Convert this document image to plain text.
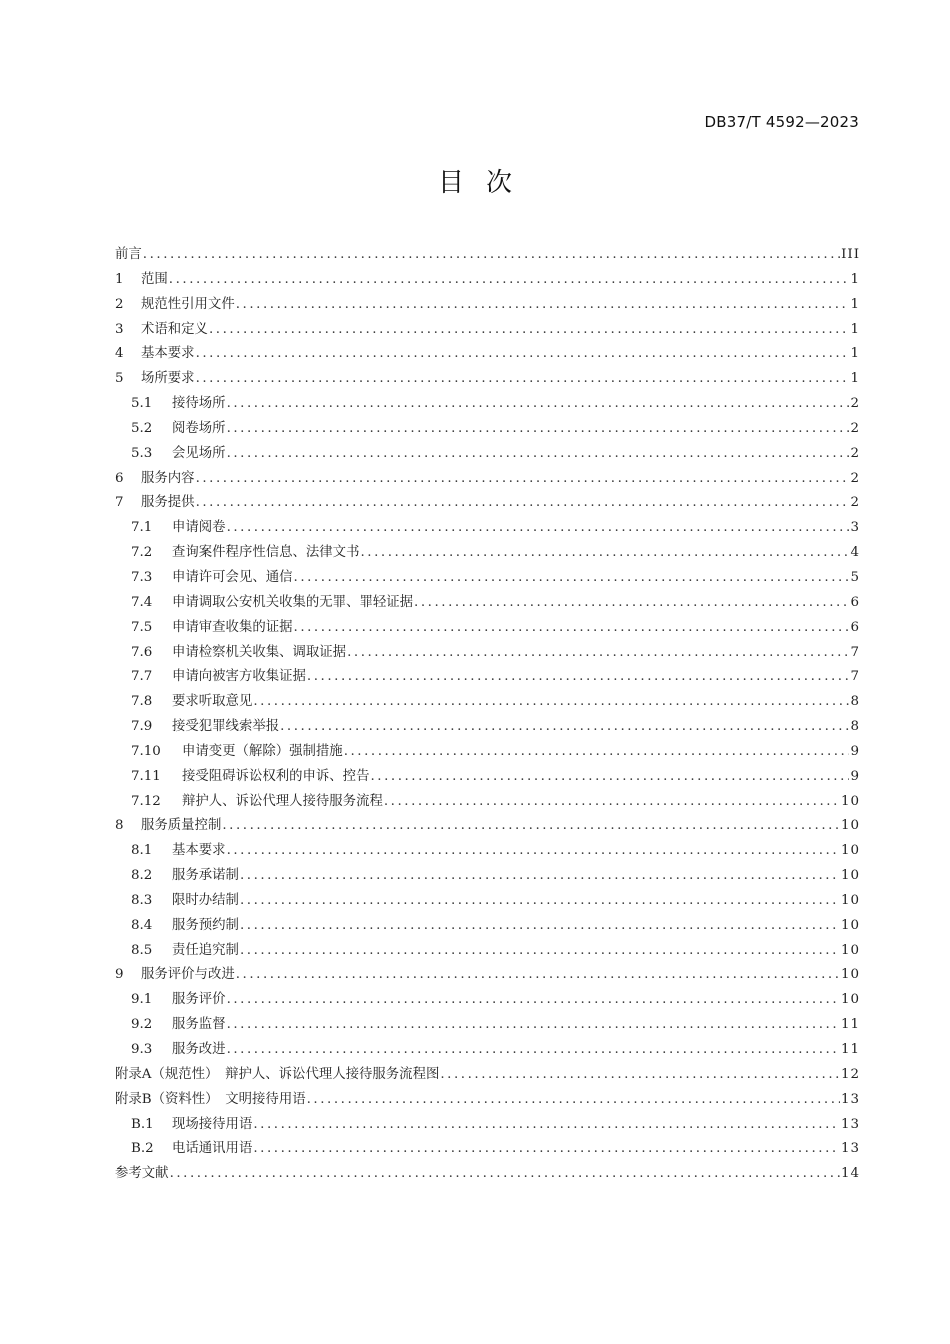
DB37/T 4592—2023
目次
前言 .....	III
1	范围 .....	1
2	规范性引用文件 .....	1
3	术语和定义 .....	1
4	基本要求 .....	1
5	场所要求 .....	1
5.1	接待场所 .....	2
5.2	阅卷场所 .....	2
5.3	会见场所 .....	2
6	服务内容 .....	2
7	服务提供 .....	2
7.1	申请阅卷 .....	3
7.2	查询案件程序性信息、法律文书 .....	4
7.3	申请许可会见、通信 .....	5
7.4	申请调取公安机关收集的无罪、罪轻证据 .....	6
7.5	申请审查收集的证据 .....	6
7.6	申请检察机关收集、调取证据 .....	7
7.7	申请向被害方收集证据 .....	7
7.8	要求听取意见 .....	8
7.9	接受犯罪线索举报 .....	8
7.10	申请变更（解除）强制措施 .....	9
7.11	接受阻碍诉讼权利的申诉、控告 .....	9
7.12	辩护人、诉讼代理人接待服务流程 .....	10
8	服务质量控制 .....	10
8.1	基本要求 .....	10
8.2	服务承诺制 .....	10
8.3	限时办结制 .....	10
8.4	服务预约制 .....	10
8.5	责任追究制 .....	10
9	服务评价与改进 .....	10
9.1	服务评价 .....	10
9.2	服务监督 .....	11
9.3	服务改进 .....	11
附录A（规范性）　 辩护人、诉讼代理人接待服务流程图 .....	12
附录B（资料性）　 文明接待用语 .....	13
B.1	现场接待用语 .....	13
B.2	电话通讯用语 .....	13
参考文献 .....	14
